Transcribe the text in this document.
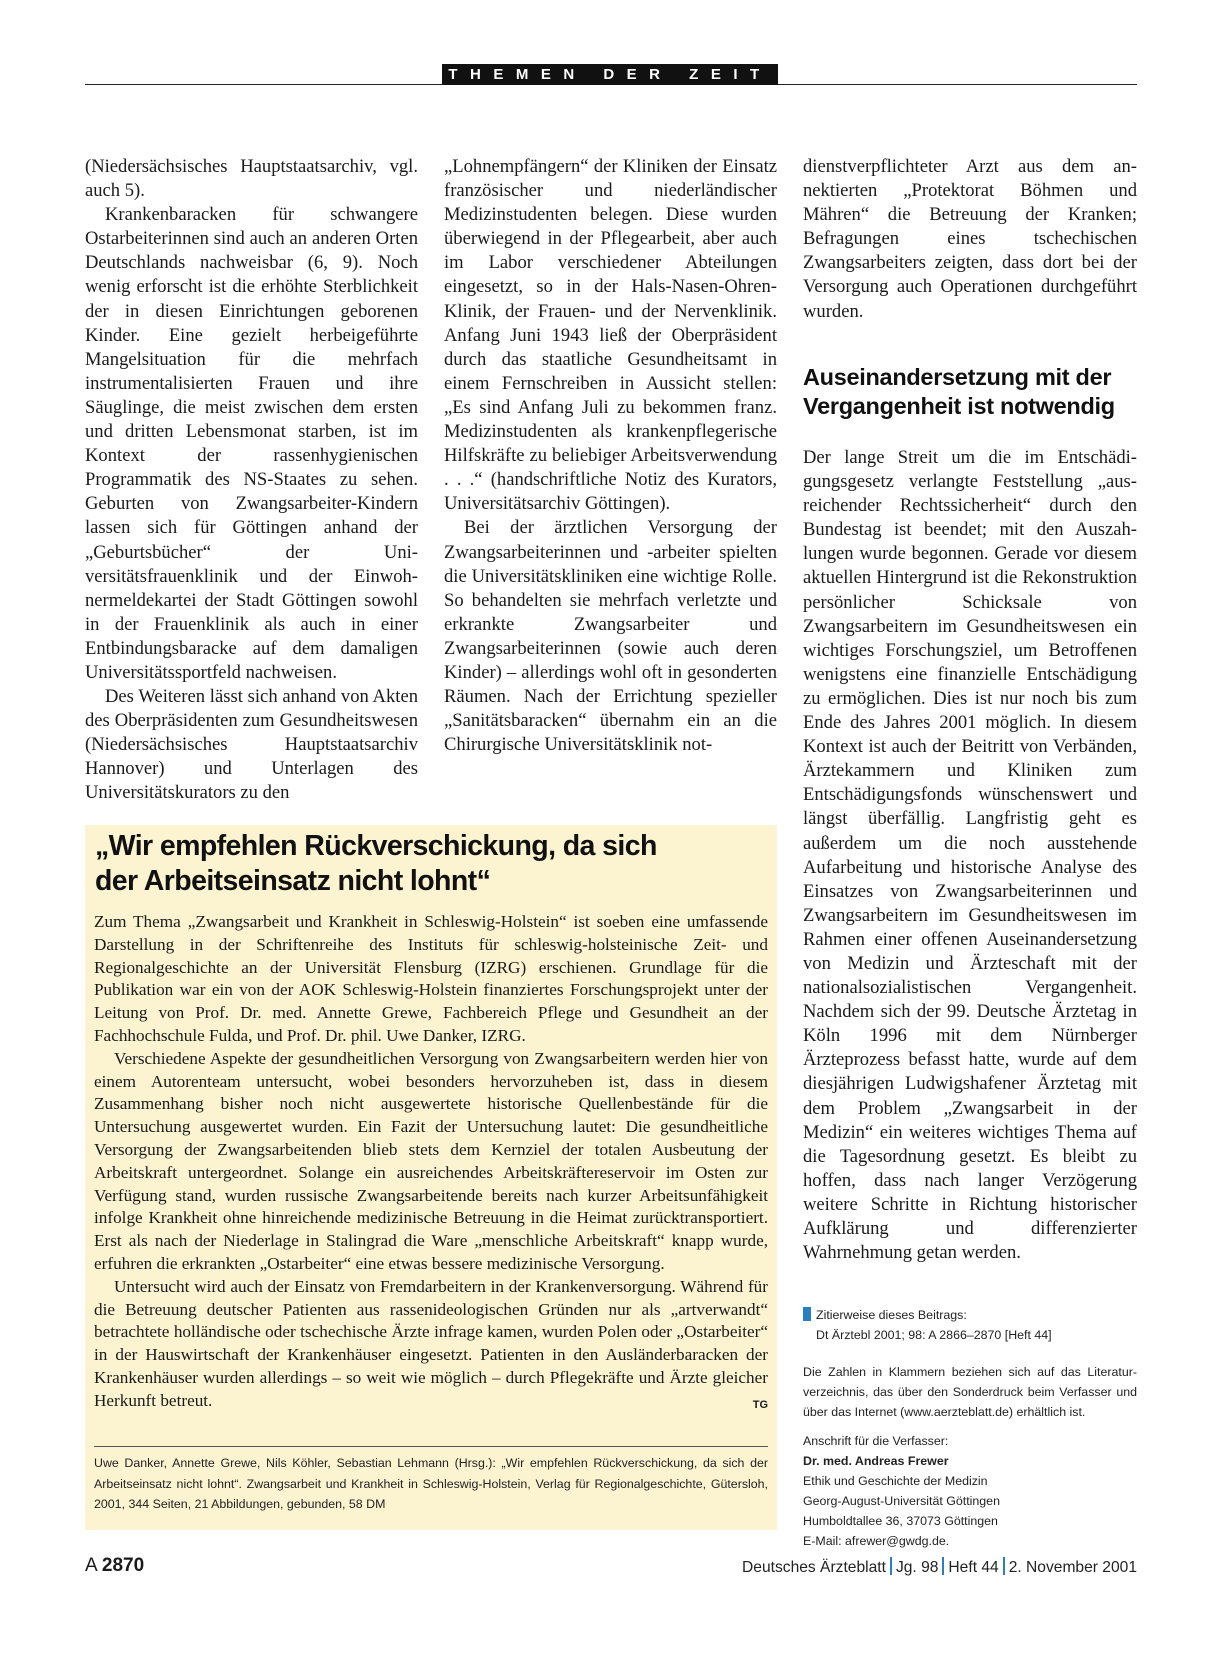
THEMEN DER ZEIT

(Niedersächsisches Hauptstaatsarchiv, vgl. auch 5).

Krankenbaracken für schwangere Ostarbeiterinnen sind auch an anderen Orten Deutschlands nachweisbar (6, 9). Noch wenig erforscht ist die erhöhte Sterblichkeit der in diesen Einrichtungen geborenen Kinder. Eine gezielt herbeigeführte Mangelsituation für die mehrfach instrumentalisierten Frauen und ihre Säuglinge, die meist zwischen dem ersten und dritten Lebensmonat starben, ist im Kontext der rassenhygienischen Programmatik des NS-Staates zu sehen. Geburten von Zwangsarbeiter-Kindern lassen sich für Göttingen anhand der „Geburtsbücher“ der Universitätsfrauenklinik und der Einwohnermeldekartei der Stadt Göttingen sowohl in der Frauenklinik als auch in einer Entbindungsbaracke auf dem damaligen Universitätssportfeld nachweisen.

Des Weiteren lässt sich anhand von Akten des Oberpräsidenten zum Gesundheitswesen (Niedersächsisches Hauptstaatsarchiv Hannover) und Unterlagen des Universitätskurators zu den

„Lohnempfängern“ der Kliniken der Einsatz französischer und niederländischer Medizinstudenten belegen. Diese wurden überwiegend in der Pflegearbeit, aber auch im Labor verschiedener Abteilungen eingesetzt, so in der Hals-Nasen-Ohren-Klinik, der Frauen- und der Nervenklinik. Anfang Juni 1943 ließ der Oberpräsident durch das staatliche Gesundheitsamt in einem Fernschreiben in Aussicht stellen: „Es sind Anfang Juli zu bekommen franz. Medizinstudenten als krankenpflegerische Hilfskräfte zu beliebiger Arbeitsverwendung . . .“ (handschriftliche Notiz des Kurators, Universitätsarchiv Göttingen).

Bei der ärztlichen Versorgung der Zwangsarbeiterinnen und -arbeiter spielten die Universitätskliniken eine wichtige Rolle. So behandelten sie mehrfach verletzte und erkrankte Zwangsarbeiter und Zwangsarbeiterinnen (sowie auch deren Kinder) – allerdings wohl oft in gesonderten Räumen. Nach der Errichtung spezieller „Sanitätsbaracken“ übernahm ein an die Chirurgische Universitätsklinik not-

dienstverpflichteter Arzt aus dem annektierten „Protektorat Böhmen und Mähren“ die Betreuung der Kranken; Befragungen eines tschechischen Zwangsarbeiters zeigten, dass dort bei der Versorgung auch Operationen durchgeführt wurden.

Auseinandersetzung mit der Vergangenheit ist notwendig

Der lange Streit um die im Entschädigungsgesetz verlangte Feststellung „ausreichender Rechtssicherheit“ durch den Bundestag ist beendet; mit den Auszahlungen wurde begonnen. Gerade vor diesem aktuellen Hintergrund ist die Rekonstruktion persönlicher Schicksale von Zwangsarbeitern im Gesundheitswesen ein wichtiges Forschungsziel, um Betroffenen wenigstens eine finanzielle Entschädigung zu ermöglichen. Dies ist nur noch bis zum Ende des Jahres 2001 möglich. In diesem Kontext ist auch der Beitritt von Verbänden, Ärztekammern und Kliniken zum Entschädigungsfonds wünschenswert und längst überfällig. Langfristig geht es außerdem um die noch ausstehende Aufarbeitung und historische Analyse des Einsatzes von Zwangsarbeiterinnen und Zwangsarbeitern im Gesundheitswesen im Rahmen einer offenen Auseinandersetzung von Medizin und Ärzteschaft mit der nationalsozialistischen Vergangenheit. Nachdem sich der 99. Deutsche Ärztetag in Köln 1996 mit dem Nürnberger Ärzteprozess befasst hatte, wurde auf dem diesjährigen Ludwigshafener Ärztetag mit dem Problem „Zwangsarbeit in der Medizin“ ein weiteres wichtiges Thema auf die Tagesordnung gesetzt. Es bleibt zu hoffen, dass nach langer Verzögerung weitere Schritte in Richtung historischer Aufklärung und differenzierter Wahrnehmung getan werden.

„Wir empfehlen Rückverschickung, da sich
der Arbeitseinsatz nicht lohnt“

Zum Thema „Zwangsarbeit und Krankheit in Schleswig-Holstein“ ist soeben eine umfassende Darstellung in der Schriftenreihe des Instituts für schleswig-holsteinische Zeit- und Regionalgeschichte an der Universität Flensburg (IZRG) erschienen. Grundlage für die Publikation war ein von der AOK Schleswig-Holstein finanziertes Forschungsprojekt unter der Leitung von Prof. Dr. med. Annette Grewe, Fachbereich Pflege und Gesundheit an der Fachhochschule Fulda, und Prof. Dr. phil. Uwe Danker, IZRG.

Verschiedene Aspekte der gesundheitlichen Versorgung von Zwangsarbeitern werden hier von einem Autorenteam untersucht, wobei besonders hervorzuheben ist, dass in diesem Zusammenhang bisher noch nicht ausgewertete historische Quellenbestände für die Untersuchung ausgewertet wurden. Ein Fazit der Untersuchung lautet: Die gesundheitliche Versorgung der Zwangsarbeitenden blieb stets dem Kernziel der totalen Ausbeutung der Arbeitskraft untergeordnet. Solange ein ausreichendes Arbeitskräftereservoir im Osten zur Verfügung stand, wurden russische Zwangsarbeitende bereits nach kurzer Arbeitsunfähigkeit infolge Krankheit ohne hinreichende medizinische Betreuung in die Heimat zurücktransportiert. Erst als nach der Niederlage in Stalingrad die Ware „menschliche Arbeitskraft“ knapp wurde, erfuhren die erkrankten „Ostarbeiter“ eine etwas bessere medizinische Versorgung.

Untersucht wird auch der Einsatz von Fremdarbeitern in der Krankenversorgung. Während für die Betreuung deutscher Patienten aus rassenideologischen Gründen nur als „artverwandt“ betrachtete holländische oder tschechische Ärzte infrage kamen, wurden Polen oder „Ostarbeiter“ in der Hauswirtschaft der Krankenhäuser eingesetzt. Patienten in den Ausländerbaracken der Krankenhäuser wurden allerdings – so weit wie möglich – durch Pflegekräfte und Ärzte gleicher Herkunft betreut.	TG

Uwe Danker, Annette Grewe, Nils Köhler, Sebastian Lehmann (Hrsg.): „Wir empfehlen Rückverschickung, da sich der Arbeitseinsatz nicht lohnt“. Zwangsarbeit und Krankheit in Schleswig-Holstein, Verlag für Regionalgeschichte, Gütersloh, 2001, 344 Seiten, 21 Abbildungen, gebunden, 58 DM
Zitierweise dieses Beitrags:
Dt Ärztebl 2001; 98: A 2866–2870 [Heft 44]
Die Zahlen in Klammern beziehen sich auf das Literaturverzeichnis, das über den Sonderdruck beim Verfasser und über das Internet (www.aerzteblatt.de) erhältlich ist.
Anschrift für die Verfasser:
Dr. med. Andreas Frewer
Ethik und Geschichte der Medizin
Georg-August-Universität Göttingen
Humboldtallee 36, 37073 Göttingen
E-Mail: afrewer@gwdg.de.
A 2870	Deutsches Ärzteblatt Jg. 98 Heft 44 2. November 2001
